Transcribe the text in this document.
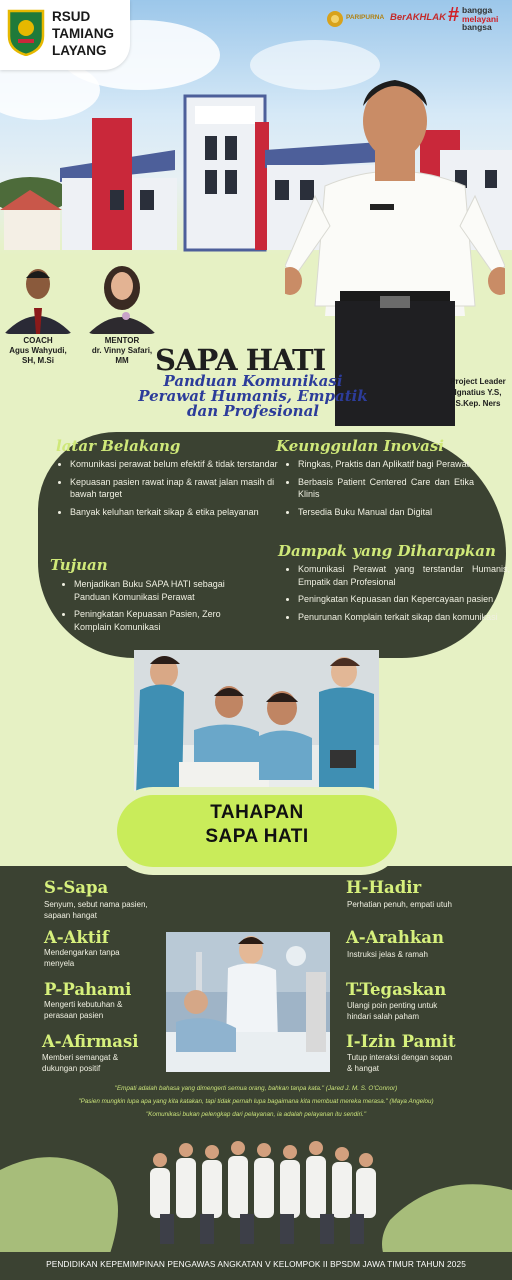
RSUD
TAMIANG
LAYANG
PARIPURNA BerAKHLAK # bangga
melayani
bangsa
COACH
Agus Wahyudi,
SH, M.Si
MENTOR
dr. Vinny Safari,
MM SAPA HATI
Panduan Komunikasi
Perawat Humanis, Empatik
dan Profesional
Project Leader
Ignatius Y.S,
S.Kep. Ners
latar Belakang
• Komunikasi perawat belum efektif & tidak terstandar
• Kepuasan pasien rawat inap & rawat jalan masih di bawah target
• Banyak keluhan terkait sikap & etika pelayanan
Tujuan
• Menjadikan Buku SAPA HATI sebagai Panduan Komunikasi Perawat
• Peningkatan Kepuasan Pasien, Zero Komplain Komunikasi
Keunggulan Inovasi
• Ringkas, Praktis dan Aplikatif bagi Perawat
• Berbasis Patient Centered Care dan Etika Klinis
• Tersedia Buku Manual dan Digital
Dampak yang Diharapkan
• Komunikasi Perawat yang terstandar Humanis, Empatik dan Profesional
• Peningkatan Kepuasan dan Kepercayaan pasien
• Penurunan Komplain terkait sikap dan komunikasi
TAHAPAN
SAPA HATI
S-Sapa
Senyum, sebut nama pasien,
sapaan hangat
A-Aktif
Mendengarkan tanpa
menyela
P-Pahami
Mengerti kebutuhan &
perasaan pasien
A-Afirmasi
Memberi semangat &
dukungan positif
H-Hadir
Perhatian penuh, empati utuh
A-Arahkan
Instruksi jelas & ramah
T-Tegaskan
Ulangi poin penting untuk
hindari salah paham
I-Izin Pamit
Tutup interaksi dengan sopan
& hangat
"Empati adalah bahasa yang dimengerti semua orang, bahkan tanpa kata." (Jared J. M. S. O'Connor)
"Pasien mungkin lupa apa yang kita katakan, tapi tidak pernah lupa bagaimana kita membuat mereka merasa." (Maya Angelou)
"Komunikasi bukan pelengkap dari pelayanan, ia adalah pelayanan itu sendiri."
PENDIDIKAN KEPEMIMPINAN PENGAWAS ANGKATAN V KELOMPOK II BPSDM JAWA TIMUR TAHUN 2025
